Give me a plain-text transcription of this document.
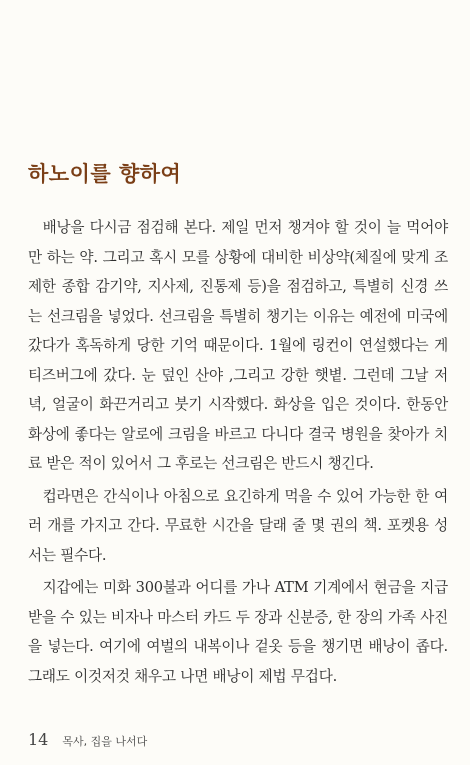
하노이를 향하여

배낭을 다시금 점검해 본다. 제일 먼저 챙겨야 할 것이 늘 먹어야 만 하는 약. 그리고 혹시 모를 상황에 대비한 비상약(체질에 맞게 조제한 종합 감기약, 지사제, 진통제 등)을 점검하고, 특별히 신경 쓰는 선크림을 넣었다. 선크림을 특별히 챙기는 이유는 예전에 미국에 갔다가 혹독하게 당한 기억 때문이다. 1월에 링컨이 연설했다는 게티즈버그에 갔다. 눈 덮인 산야 ,그리고 강한 햇볕. 그런데 그날 저녁, 얼굴이 화끈거리고 붓기 시작했다. 화상을 입은 것이다. 한동안 화상에 좋다는 알로에 크림을 바르고 다니다 결국 병원을 찾아가 치료 받은 적이 있어서 그 후로는 선크림은 반드시 챙긴다.

컵라면은 간식이나 아침으로 요긴하게 먹을 수 있어 가능한 한 여러 개를 가지고 간다. 무료한 시간을 달래 줄 몇 권의 책. 포켓용 성서는 필수다.

지갑에는 미화 300불과 어디를 가나 ATM 기계에서 현금을 지급 받을 수 있는 비자나 마스터 카드 두 장과 신분증, 한 장의 가족 사진을 넣는다. 여기에 여벌의 내복이나 겉옷 등을 챙기면 배낭이 좁다. 그래도 이것저것 채우고 나면 배낭이 제법 무겁다.

14 목사, 집을 나서다
